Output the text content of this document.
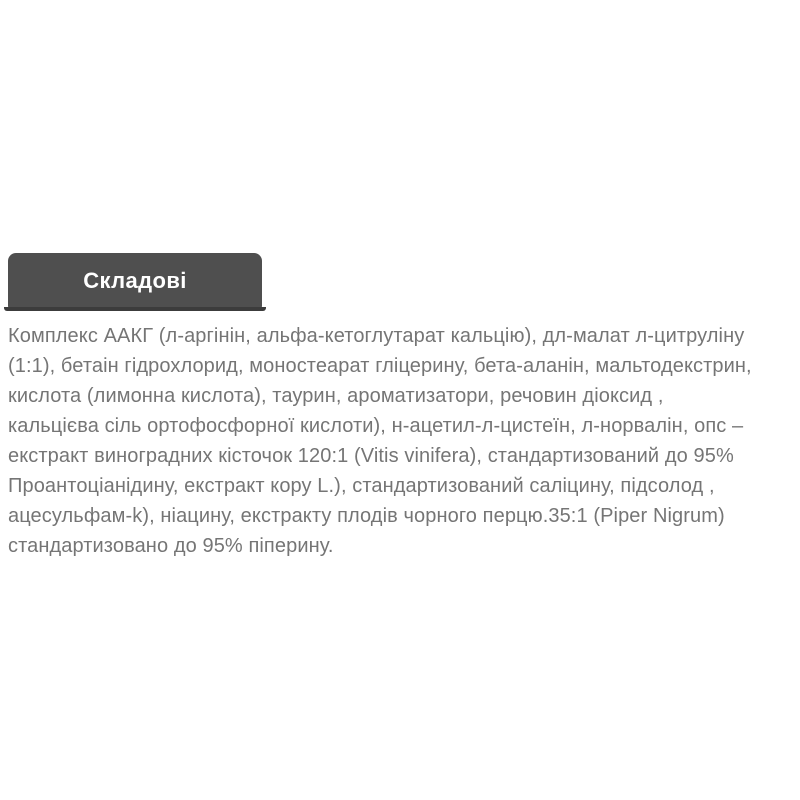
Складові
Комплекс ААКГ (л-аргінін, альфа-кетоглутарат кальцію), дл-малат л-цитруліну
(1:1), бетаін гідрохлорид, моностеарат гліцерину, бета-аланін, мальтодекстрин,
кислота (лимонна кислота), таурин, ароматизатори, речовин діоксид ,
кальцієва сіль ортофосфорної кислоти), н-ацетил-л-цистеїн, л-норвалін, опс –
екстракт виноградних кісточок 120:1 (Vitis vinifera), стандартизований до 95%
Проантоціанідину, екстракт кору L.), стандартизований саліцину, підсолод ,
ацесульфам-k), ніацину, екстракту плодів чорного перцю.35:1 (Piper Nigrum)
стандартизовано до 95% піперину.
